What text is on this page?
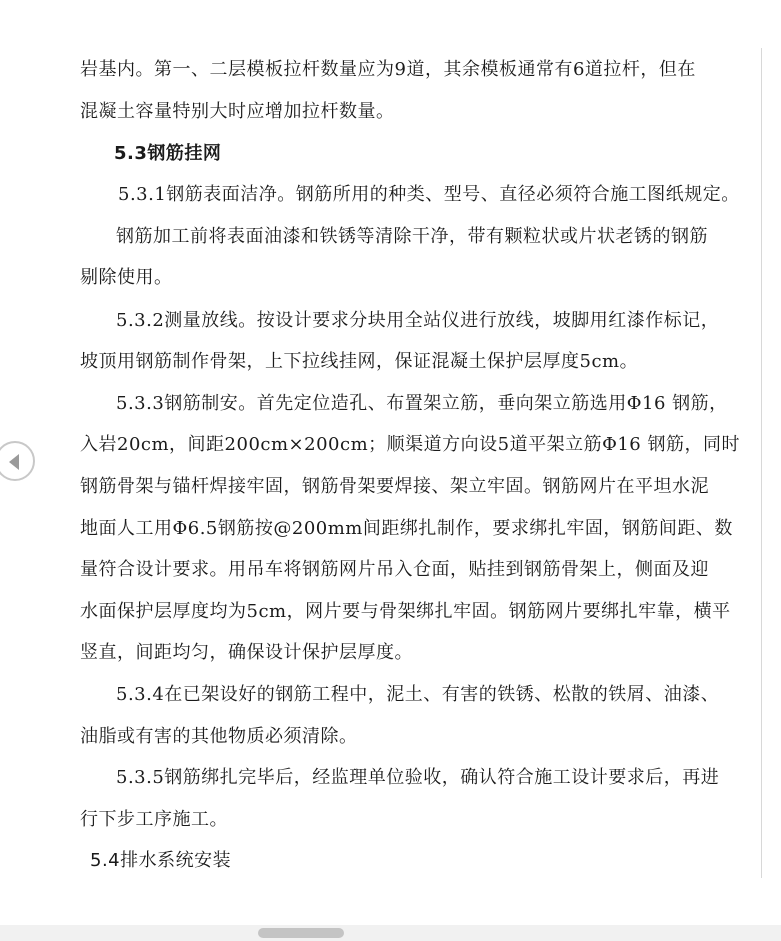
岩基内。第一、二层模板拉杆数量应为9道，其余模板通常有6道拉杆，但在
混凝土容量特别大时应增加拉杆数量。
5.3钢筋挂网
5.3.1钢筋表面洁净。钢筋所用的种类、型号、直径必须符合施工图纸规定。
钢筋加工前将表面油漆和铁锈等清除干净，带有颗粒状或片状老锈的钢筋
剔除使用。
5.3.2测量放线。按设计要求分块用全站仪进行放线，坡脚用红漆作标记，
坡顶用钢筋制作骨架，上下拉线挂网，保证混凝土保护层厚度5cm。
5.3.3钢筋制安。首先定位造孔、布置架立筋，垂向架立筋选用Φ16 钢筋，
入岩20cm，间距200cm×200cm；顺渠道方向设5道平架立筋Φ16 钢筋，同时
钢筋骨架与锚杆焊接牢固，钢筋骨架要焊接、架立牢固。钢筋网片在平坦水泥
地面人工用Φ6.5钢筋按@200mm间距绑扎制作，要求绑扎牢固，钢筋间距、数
量符合设计要求。用吊车将钢筋网片吊入仓面，贴挂到钢筋骨架上，侧面及迎
水面保护层厚度均为5cm，网片要与骨架绑扎牢固。钢筋网片要绑扎牢靠，横平
竖直，间距均匀，确保设计保护层厚度。
5.3.4在已架设好的钢筋工程中，泥土、有害的铁锈、松散的铁屑、油漆、
油脂或有害的其他物质必须清除。
5.3.5钢筋绑扎完毕后，经监理单位验收，确认符合施工设计要求后，再进
行下步工序施工。
5.4排水系统安装
